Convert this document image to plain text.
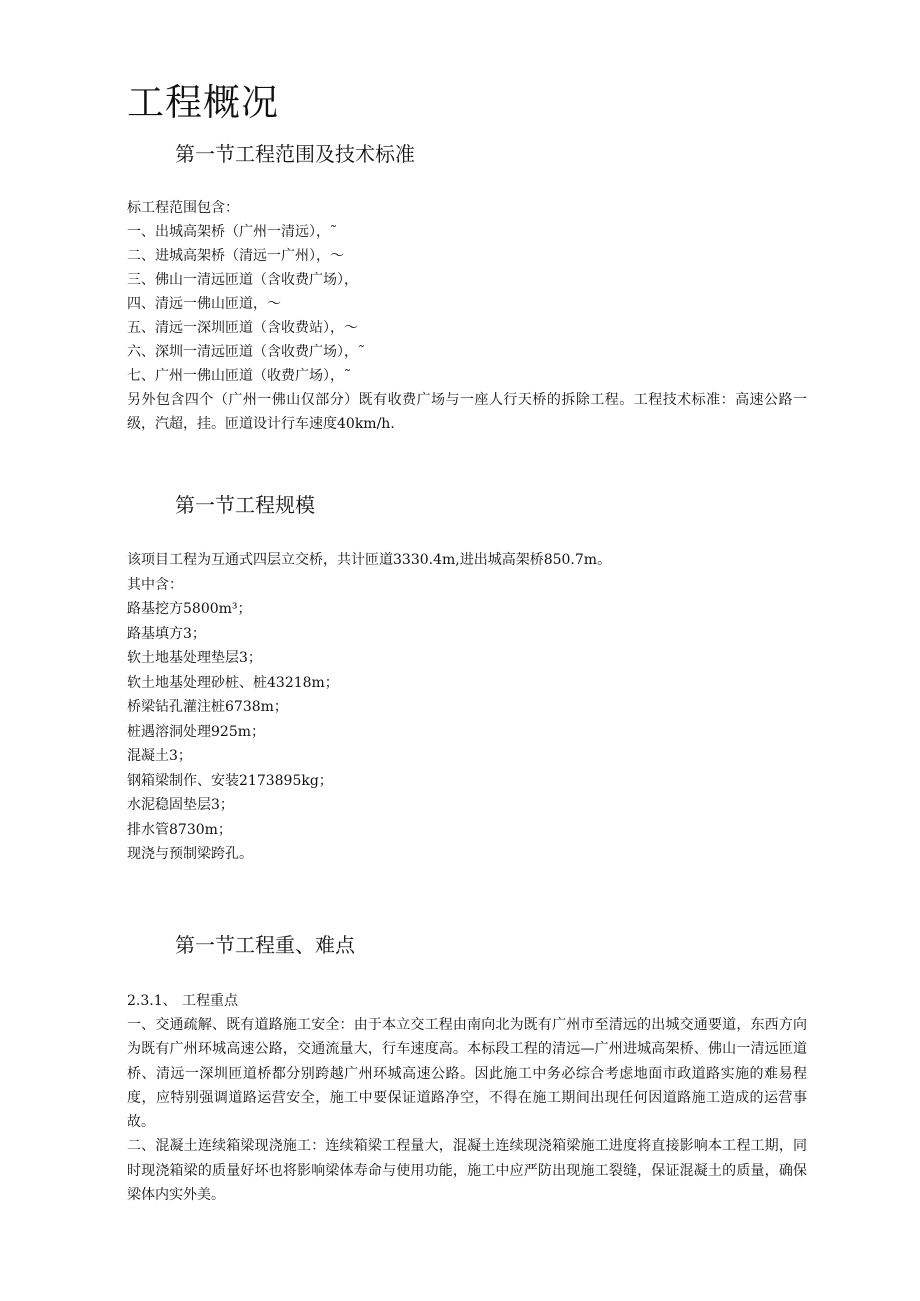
工程概况
第一节工程范围及技术标准
标工程范围包含：
一、出城高架桥（广州一清远），˜
二、进城高架桥（清远一广州），～
三、佛山一清远匝道（含收费广场），
四、清远一佛山匝道，～
五、清远一深圳匝道（含收费站），～
六、深圳一清远匝道（含收费广场），˜
七、广州一佛山匝道（收费广场），˜
另外包含四个（广州一佛山仅部分）既有收费广场与一座人行天桥的拆除工程。工程技术标准：高速公路一级，汽超，挂。匝道设计行车速度40km/h.
第一节工程规模
该项目工程为互通式四层立交桥，共计匝道3330.4m,进出城高架桥850.7m。
其中含：
路基挖方5800m³；
路基填方3；
软土地基处理垫层3；
软土地基处理砂桩、桩43218m；
桥梁钻孔灌注桩6738m；
桩遇溶洞处理925m；
混凝土3；
钢箱梁制作、安装2173895kg；
水泥稳固垫层3；
排水管8730m；
现浇与预制梁跨孔。
第一节工程重、难点
2.3.1、 工程重点
一、交通疏解、既有道路施工安全：由于本立交工程由南向北为既有广州市至清远的出城交通要道，东西方向为既有广州环城高速公路，交通流量大，行车速度高。本标段工程的清远—广州进城高架桥、佛山一清远匝道桥、清远一深圳匝道桥都分别跨越广州环城高速公路。因此施工中务必综合考虑地面市政道路实施的难易程度，应特别强调道路运营安全，施工中要保证道路净空，不得在施工期间出现任何因道路施工造成的运营事故。
二、混凝土连续箱梁现浇施工：连续箱梁工程量大，混凝土连续现浇箱梁施工进度将直接影响本工程工期，同时现浇箱梁的质量好坏也将影响梁体寿命与使用功能，施工中应严防出现施工裂缝，保证混凝土的质量，确保梁体内实外美。
